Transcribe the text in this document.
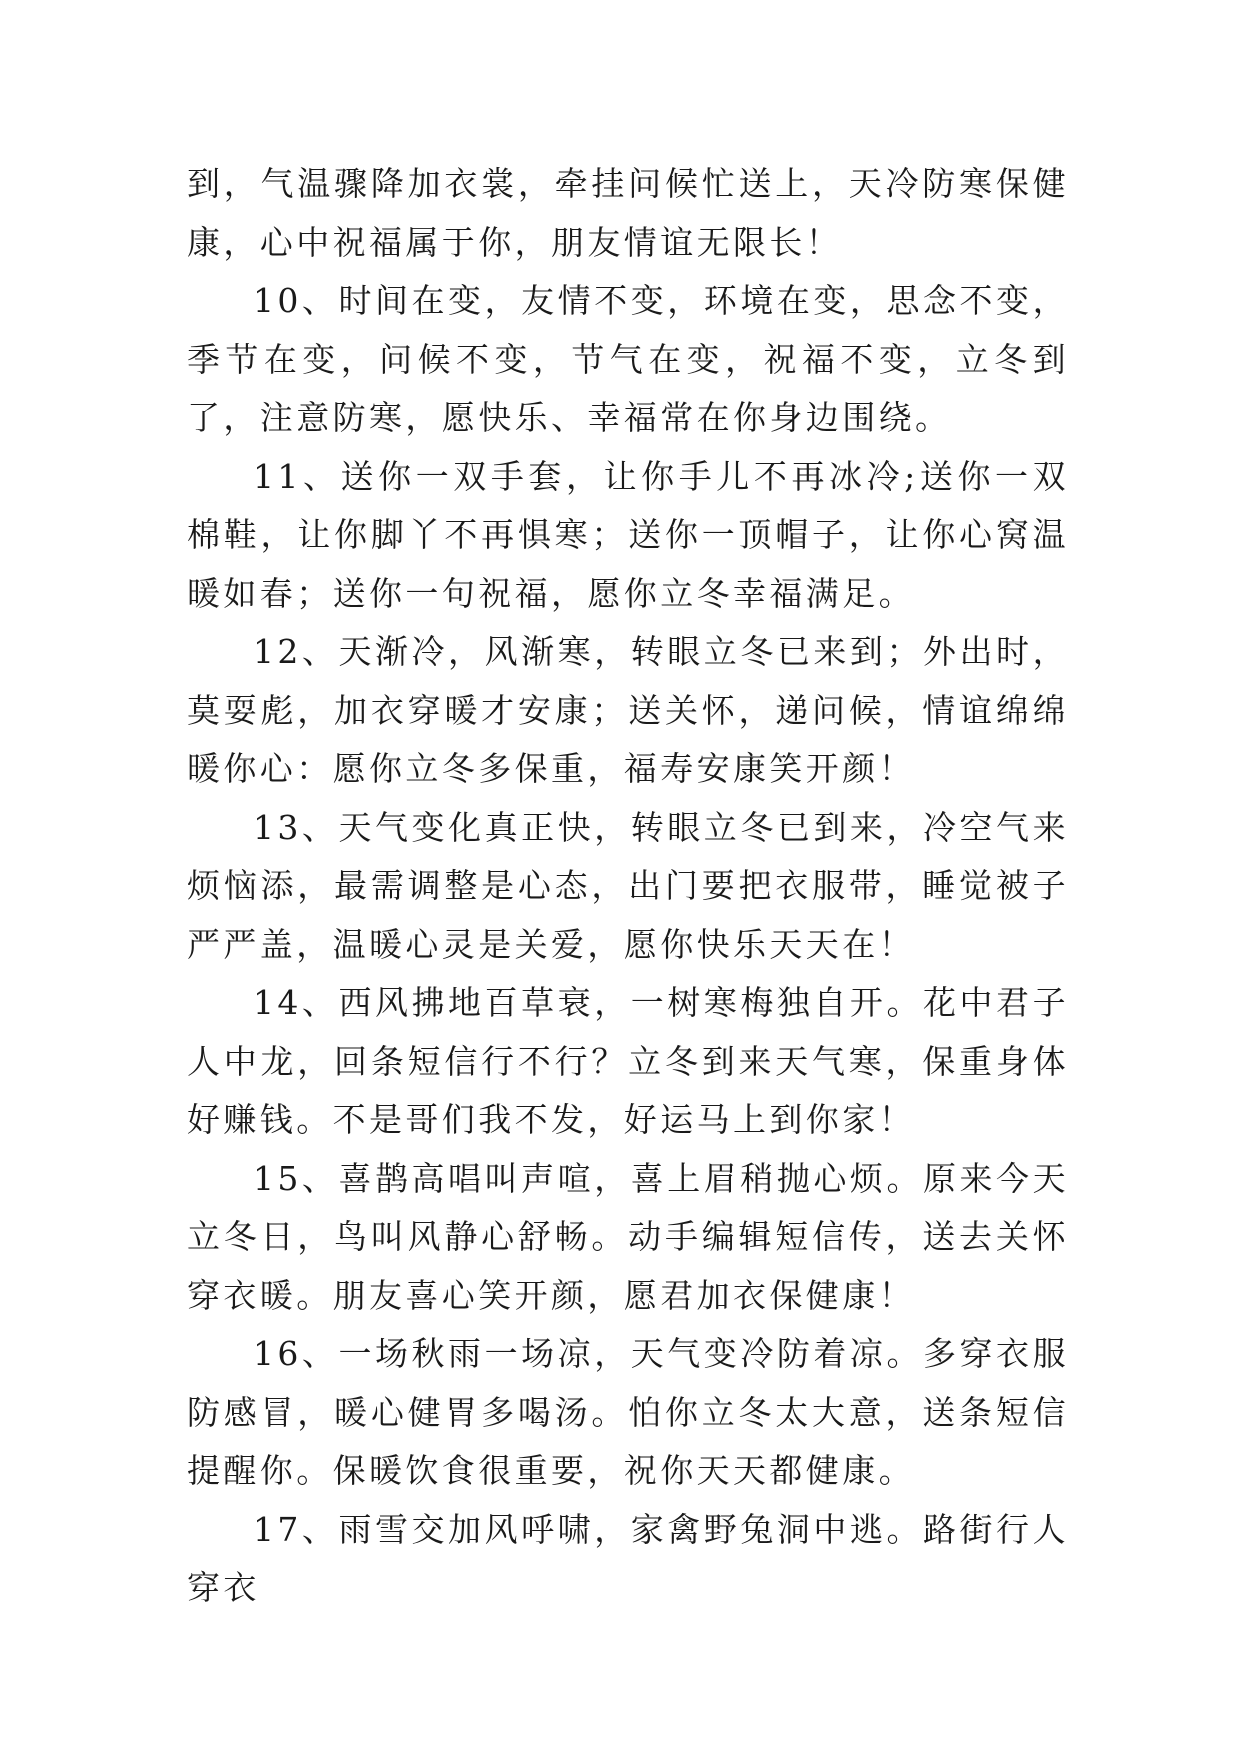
到，气温骤降加衣裳，牵挂问候忙送上，天冷防寒保健康，心中祝福属于你，朋友情谊无限长！

10、时间在变，友情不变，环境在变，思念不变，季节在变，问候不变，节气在变，祝福不变，立冬到了，注意防寒，愿快乐、幸福常在你身边围绕。

11、送你一双手套，让你手儿不再冰冷;送你一双棉鞋，让你脚丫不再惧寒；送你一顶帽子，让你心窝温暖如春；送你一句祝福，愿你立冬幸福满足。

12、天渐冷，风渐寒，转眼立冬已来到；外出时，莫耍彪，加衣穿暖才安康；送关怀，递问候，情谊绵绵暖你心：愿你立冬多保重，福寿安康笑开颜！

13、天气变化真正快，转眼立冬已到来，冷空气来烦恼添，最需调整是心态，出门要把衣服带，睡觉被子严严盖，温暖心灵是关爱，愿你快乐天天在！

14、西风拂地百草衰，一树寒梅独自开。花中君子人中龙，回条短信行不行？立冬到来天气寒，保重身体好赚钱。不是哥们我不发，好运马上到你家！

15、喜鹊高唱叫声喧，喜上眉稍抛心烦。原来今天立冬日，鸟叫风静心舒畅。动手编辑短信传，送去关怀穿衣暖。朋友喜心笑开颜，愿君加衣保健康！

16、一场秋雨一场凉，天气变冷防着凉。多穿衣服防感冒，暖心健胃多喝汤。怕你立冬太大意，送条短信提醒你。保暖饮食很重要，祝你天天都健康。

17、雨雪交加风呼啸，家禽野兔洞中逃。路街行人穿衣
